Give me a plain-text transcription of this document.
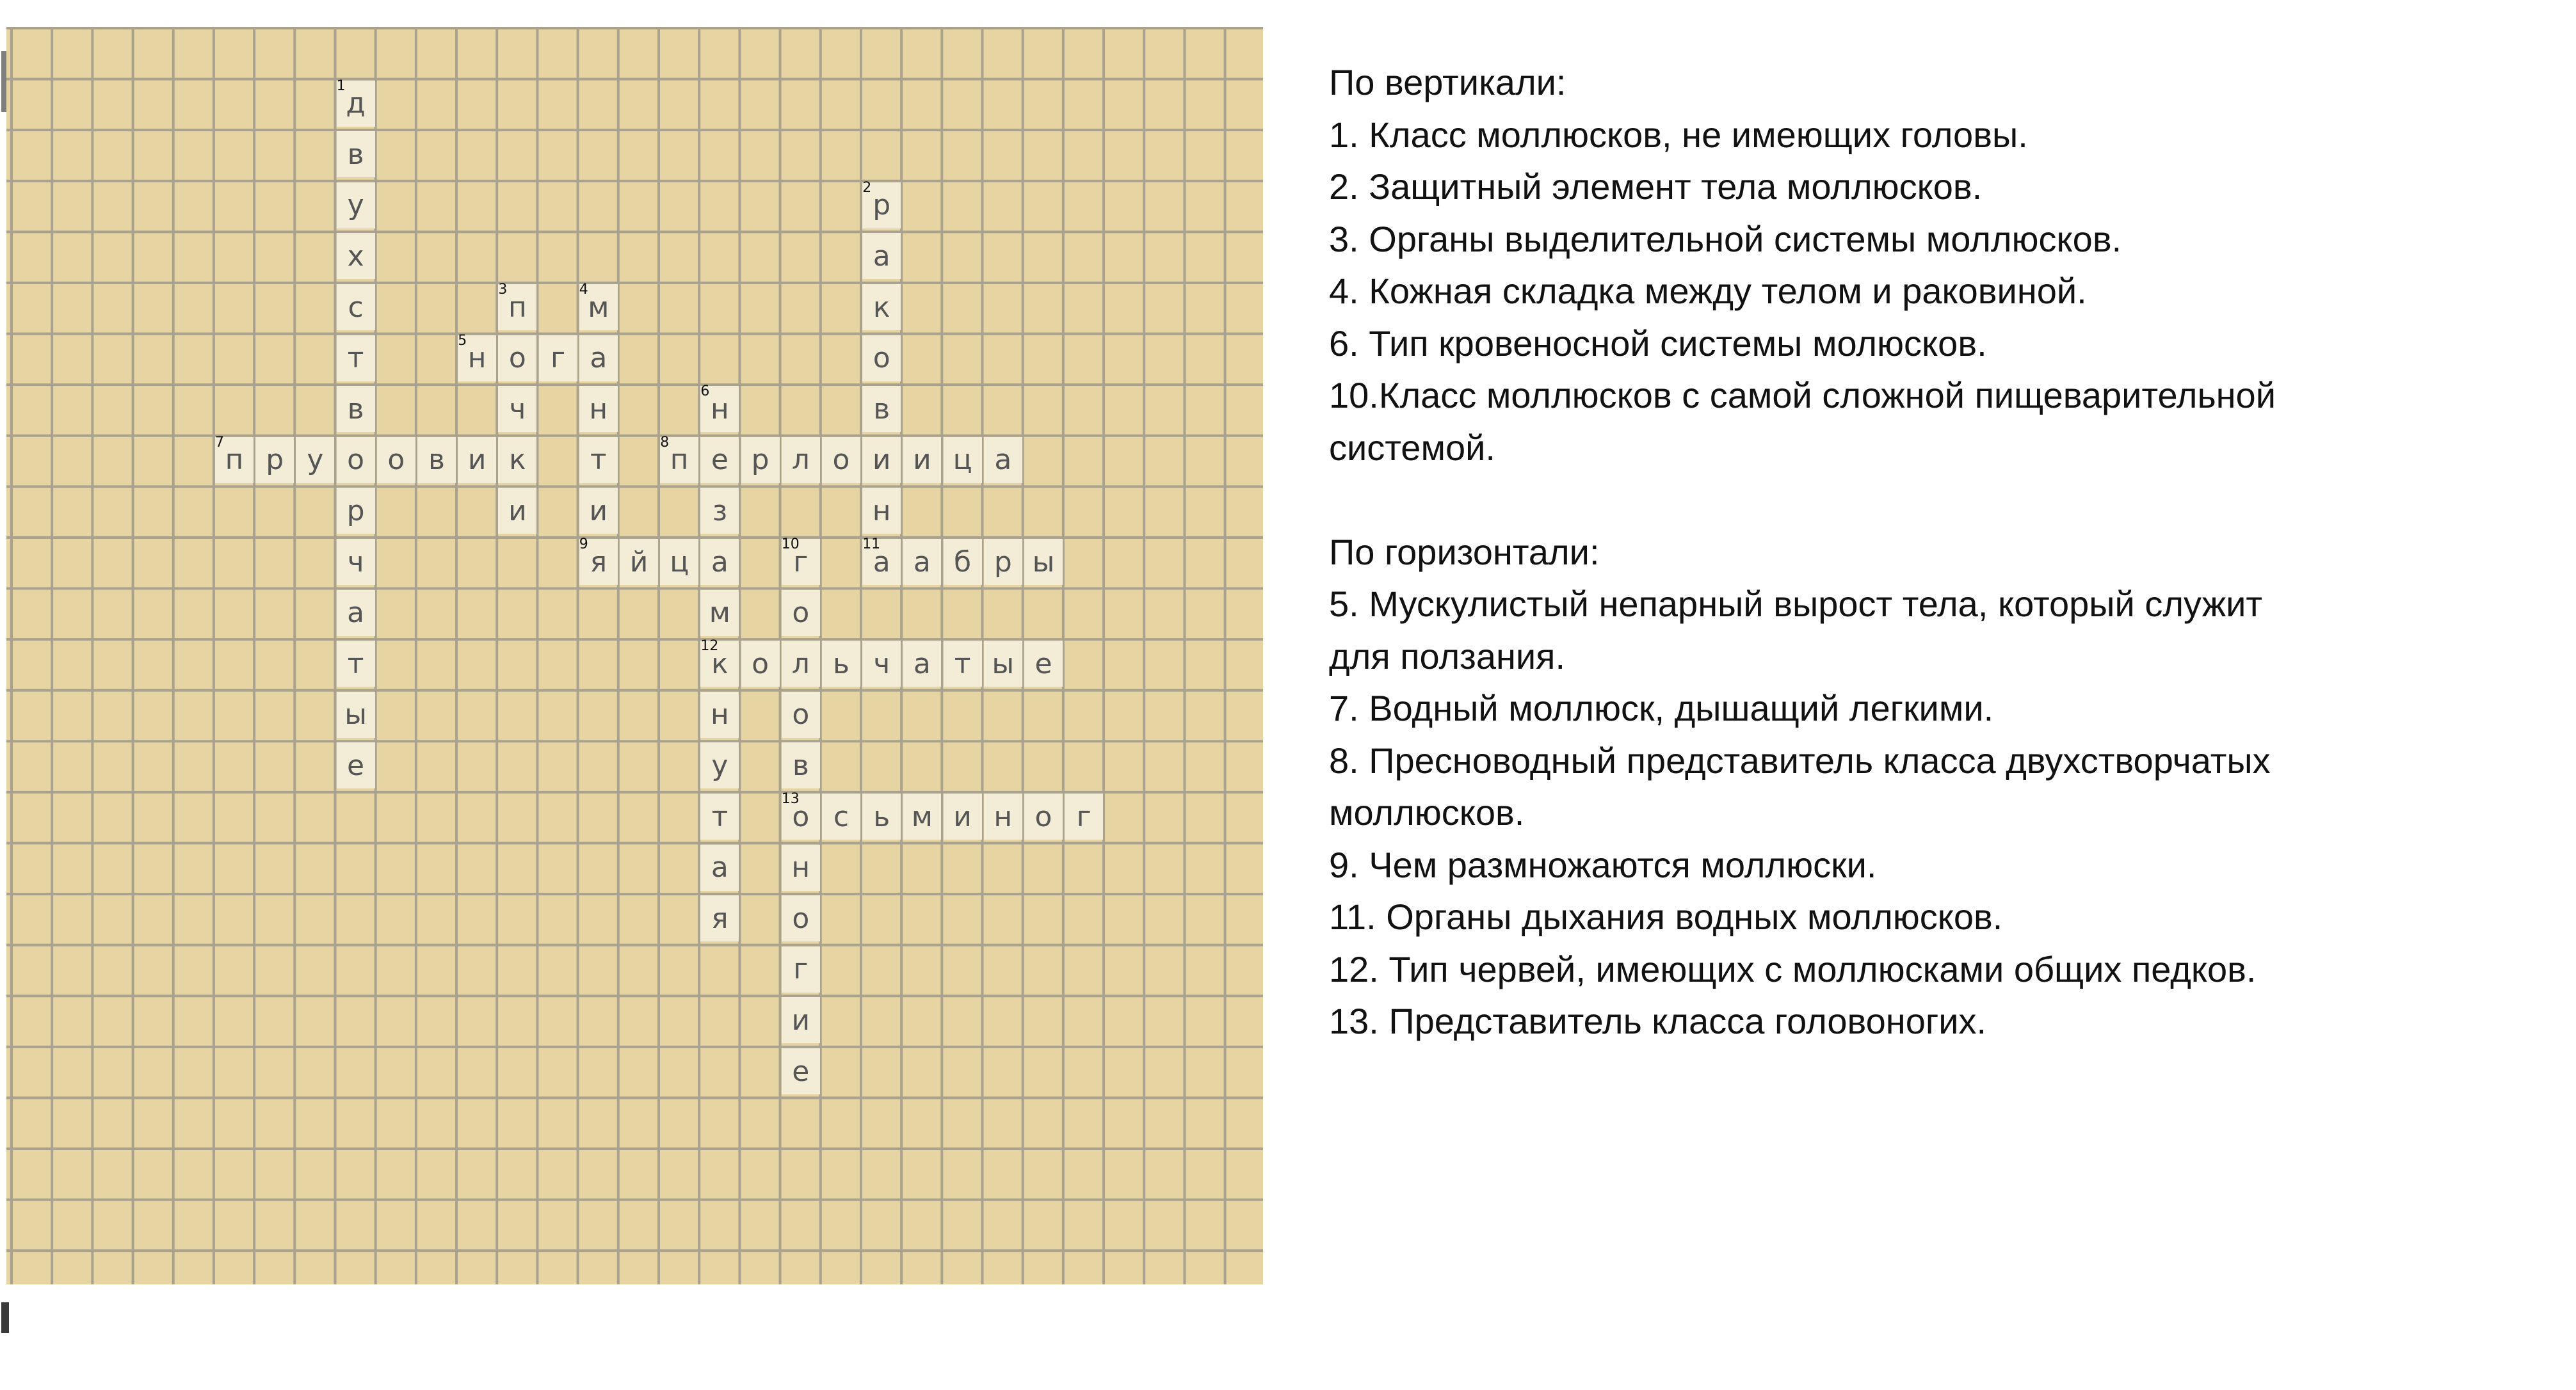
д
в
у
х
с
т
в
о
р
ч
а
т
ы
е
р
а
к
о
в
и
н
а
п
о
ч
к
и
м
а
н
т
и
я
н	г
н
е
з
а
м
к
н
у
т
а
я
п р у	о в и	п	р л о	и ц а
й ц	г
о
л
о
в
о
н
о
г
и
е
а б р ы
о	ь ч а т ы е
с ь м и н о г
1
2
3	4
5
6
7	8
9	10	11
12
13

По вертикали:

1. Класс моллюсков, не имеющих головы.

2. Защитный элемент тела моллюсков.

3. Органы выделительной системы моллюсков.

4. Кожная складка между телом и раковиной.

6. Тип кровеносной системы молюсков.

10.Класс моллюсков с самой сложной пищеварительной

системой.

По горизонтали:

5. Мускулистый непарный вырост тела, который служит

для ползания.

7. Водный моллюск, дышащий легкими.

8. Пресноводный представитель класса двухстворчатых

моллюсков.

9. Чем размножаются моллюски.

11. Органы дыхания водных моллюсков.

12. Тип червей, имеющих с моллюсками общих педков.

13. Представитель класса головоногих.
